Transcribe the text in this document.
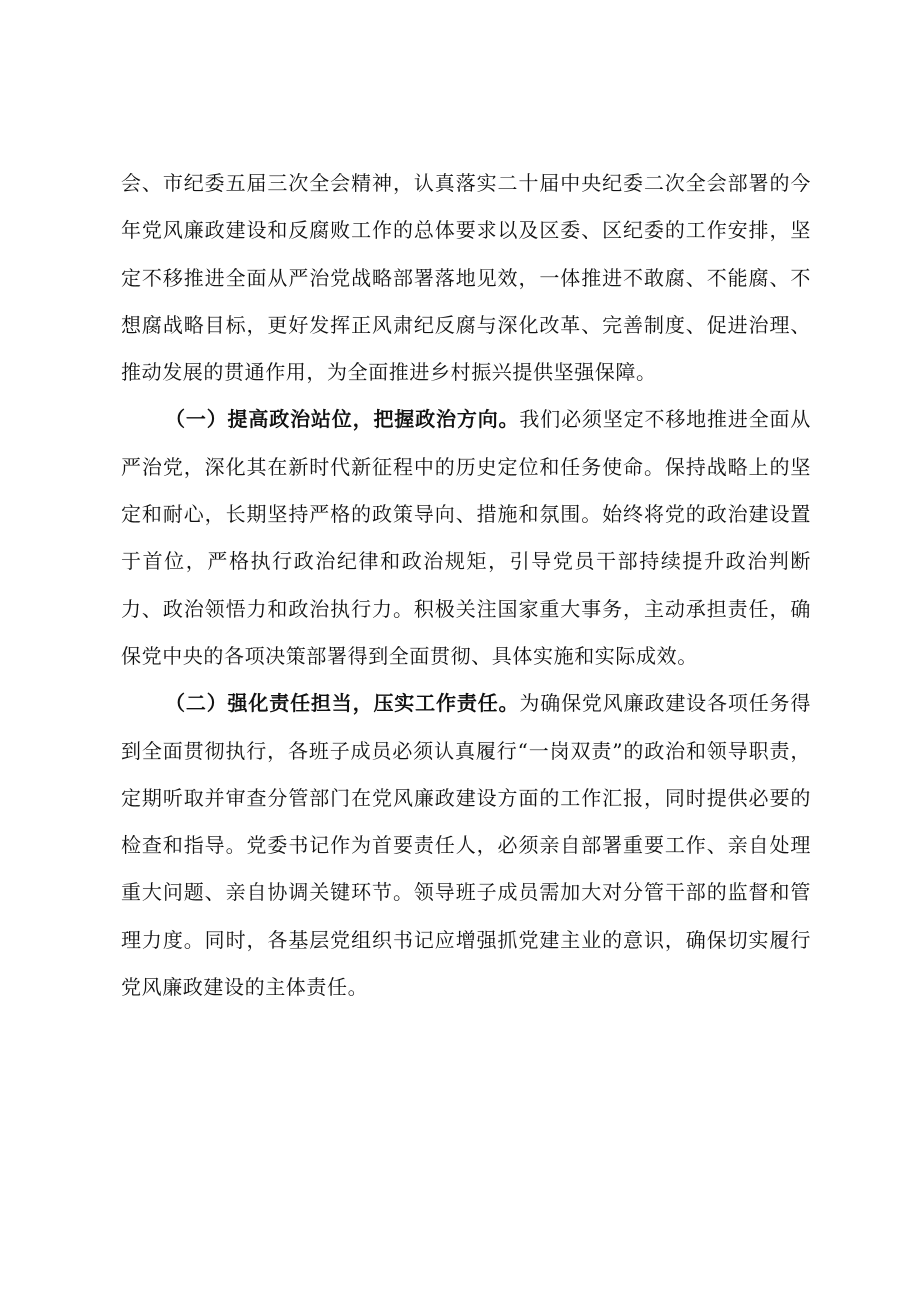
会、市纪委五届三次全会精神，认真落实二十届中央纪委二次全会部署的今年党风廉政建设和反腐败工作的总体要求以及区委、区纪委的工作安排，坚定不移推进全面从严治党战略部署落地见效，一体推进不敢腐、不能腐、不想腐战略目标，更好发挥正风肃纪反腐与深化改革、完善制度、促进治理、推动发展的贯通作用，为全面推进乡村振兴提供坚强保障。

（一）提高政治站位，把握政治方向。我们必须坚定不移地推进全面从严治党，深化其在新时代新征程中的历史定位和任务使命。保持战略上的坚定和耐心，长期坚持严格的政策导向、措施和氛围。始终将党的政治建设置于首位，严格执行政治纪律和政治规矩，引导党员干部持续提升政治判断力、政治领悟力和政治执行力。积极关注国家重大事务，主动承担责任，确保党中央的各项决策部署得到全面贯彻、具体实施和实际成效。

（二）强化责任担当，压实工作责任。为确保党风廉政建设各项任务得到全面贯彻执行，各班子成员必须认真履行“一岗双责”的政治和领导职责，定期听取并审查分管部门在党风廉政建设方面的工作汇报，同时提供必要的检查和指导。党委书记作为首要责任人，必须亲自部署重要工作、亲自处理重大问题、亲自协调关键环节。领导班子成员需加大对分管干部的监督和管理力度。同时，各基层党组织书记应增强抓党建主业的意识，确保切实履行党风廉政建设的主体责任。
